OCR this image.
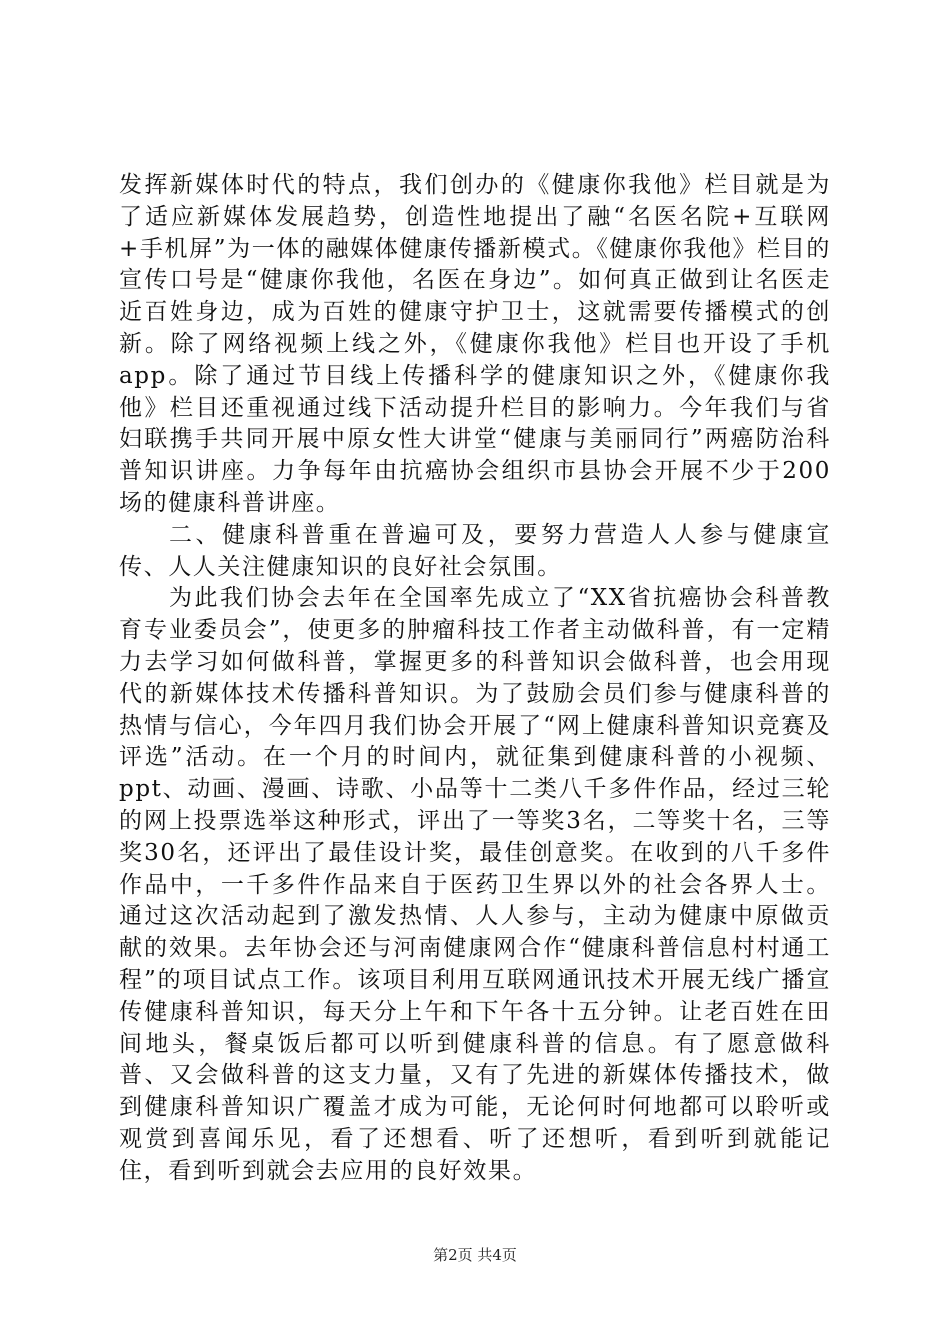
发挥新媒体时代的特点，我们创办的《健康你我他》栏目就是为了适应新媒体发展趋势，创造性地提出了融“名医名院+互联网+手机屏”为一体的融媒体健康传播新模式。《健康你我他》栏目的宣传口号是“健康你我他，名医在身边”。如何真正做到让名医走近百姓身边，成为百姓的健康守护卫士，这就需要传播模式的创新。除了网络视频上线之外，《健康你我他》栏目也开设了手机app。除了通过节目线上传播科学的健康知识之外，《健康你我他》栏目还重视通过线下活动提升栏目的影响力。今年我们与省妇联携手共同开展中原女性大讲堂“健康与美丽同行”两癌防治科普知识讲座。力争每年由抗癌协会组织市县协会开展不少于200场的健康科普讲座。

二、健康科普重在普遍可及，要努力营造人人参与健康宣传、人人关注健康知识的良好社会氛围。

为此我们协会去年在全国率先成立了“XX省抗癌协会科普教育专业委员会”，使更多的肿瘤科技工作者主动做科普，有一定精力去学习如何做科普，掌握更多的科普知识会做科普，也会用现代的新媒体技术传播科普知识。为了鼓励会员们参与健康科普的热情与信心，今年四月我们协会开展了“网上健康科普知识竞赛及评选”活动。在一个月的时间内，就征集到健康科普的小视频、ppt、动画、漫画、诗歌、小品等十二类八千多件作品，经过三轮的网上投票选举这种形式，评出了一等奖3名，二等奖十名，三等奖30名，还评出了最佳设计奖，最佳创意奖。在收到的八千多件作品中，一千多件作品来自于医药卫生界以外的社会各界人士。通过这次活动起到了激发热情、人人参与，主动为健康中原做贡献的效果。去年协会还与河南健康网合作“健康科普信息村村通工程”的项目试点工作。该项目利用互联网通讯技术开展无线广播宣传健康科普知识，每天分上午和下午各十五分钟。让老百姓在田间地头，餐桌饭后都可以听到健康科普的信息。有了愿意做科普、又会做科普的这支力量，又有了先进的新媒体传播技术，做到健康科普知识广覆盖才成为可能，无论何时何地都可以聆听或观赏到喜闻乐见，看了还想看、听了还想听，看到听到就能记住，看到听到就会去应用的良好效果。

第2页 共4页
